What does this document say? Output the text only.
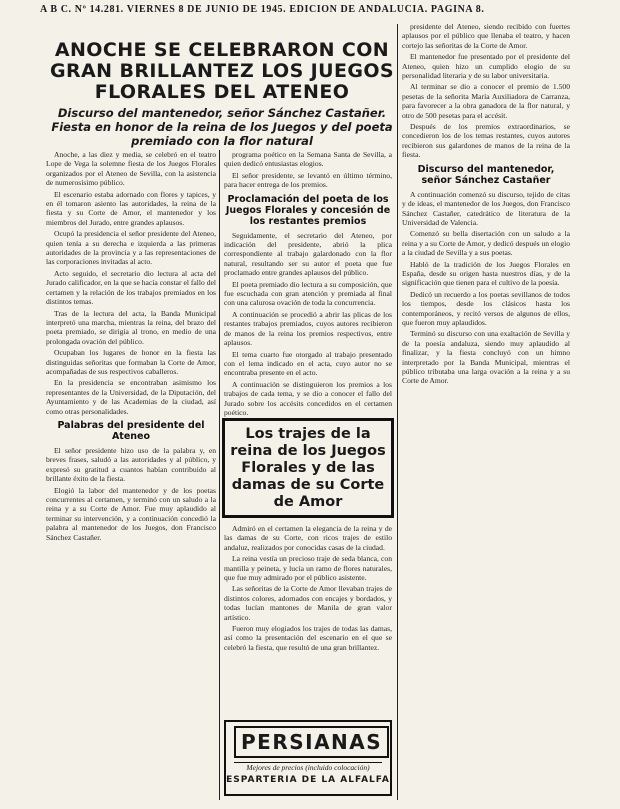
A B C. Nº 14.281. VIERNES 8 DE JUNIO DE 1945. EDICION DE ANDALUCIA. PAGINA 8.
ANOCHE SE CELEBRARON CON GRAN BRILLANTEZ LOS JUEGOS FLORALES DEL ATENEO
Discurso del mantenedor, señor Sánchez Castañer. Fiesta en honor de la reina de los Juegos y del poeta premiado con la flor natural

Anoche, a las diez y media, se celebró en el teatro Lope de Vega la solemne fiesta de los Juegos Florales organizados por el Ateneo de Sevilla, con la asistencia de numerosísimo público.

El escenario estaba adornado con flores y tapices, y en él tomaron asiento las autoridades, la reina de la fiesta y su Corte de Amor, el mantenedor y los miembros del Jurado, entre grandes aplausos.

Ocupó la presidencia el señor presidente del Ateneo, quien tenía a su derecha e izquierda a las primeras autoridades de la provincia y a las representaciones de las corporaciones invitadas al acto.

Acto seguido, el secretario dio lectura al acta del Jurado calificador, en la que se hacía constar el fallo del certamen y la relación de los trabajos premiados en los distintos temas.

Tras de la lectura del acta, la Banda Municipal interpretó una marcha, mientras la reina, del brazo del poeta premiado, se dirigía al trono, en medio de una prolongada ovación del público.

Ocupaban los lugares de honor en la fiesta las distinguidas señoritas que formaban la Corte de Amor, acompañadas de sus respectivos caballeros.

En la presidencia se encontraban asimismo los representantes de la Universidad, de la Diputación, del Ayuntamiento y de las Academias de la ciudad, así como otras personalidades.

Palabras del presidente del Ateneo

El señor presidente hizo uso de la palabra y, en breves frases, saludó a las autoridades y al público, y expresó su gratitud a cuantos habían contribuido al brillante éxito de la fiesta.

Elogió la labor del mantenedor y de los poetas concurrentes al certamen, y terminó con un saludo a la reina y a su Corte de Amor. Fue muy aplaudido al terminar su intervención, y a continuación concedió la palabra al mantenedor de los Juegos, don Francisco Sánchez Castañer.

programa poético en la Semana Santa de Sevilla, a quien dedicó entusiastas elogios.

El señor presidente, se levantó en último término, para hacer entrega de los premios.

Proclamación del poeta de los Juegos Florales y concesión de los restantes premios

Seguidamente, el secretario del Ateneo, por indicación del presidente, abrió la plica correspondiente al trabajo galardonado con la flor natural, resultando ser su autor el poeta que fue proclamado entre grandes aplausos del público.

El poeta premiado dio lectura a su composición, que fue escuchada con gran atención y premiada al final con una calurosa ovación de toda la concurrencia.

A continuación se procedió a abrir las plicas de los restantes trabajos premiados, cuyos autores recibieron de manos de la reina los premios respectivos, entre aplausos.

El tema cuarto fue otorgado al trabajo presentado con el lema indicado en el acta, cuyo autor no se encontraba presente en el acto.

A continuación se distinguieron los premios a los trabajos de cada tema, y se dio a conocer el fallo del Jurado sobre los accésits concedidos en el certamen poético.

Los trajes de la reina de los Juegos Florales y de las damas de su Corte de Amor

Admiró en el certamen la elegancia de la reina y de las damas de su Corte, con ricos trajes de estilo andaluz, realizados por conocidas casas de la ciudad.

La reina vestía un precioso traje de seda blanca, con mantilla y peineta, y lucía un ramo de flores naturales, que fue muy admirado por el público asistente.

Las señoritas de la Corte de Amor llevaban trajes de distintos colores, adornados con encajes y bordados, y todas lucían mantones de Manila de gran valor artístico.

Fueron muy elogiados los trajes de todas las damas, así como la presentación del escenario en el que se celebró la fiesta, que resultó de una gran brillantez.

PERSIANAS
Mejores de precios (incluido colocación)
ESPARTERIA DE LA ALFALFA

presidente del Ateneo, siendo recibido con fuertes aplausos por el público que llenaba el teatro, y hacen cortejo las señoritas de la Corte de Amor.

El mantenedor fue presentado por el presidente del Ateneo, quien hizo un cumplido elogio de su personalidad literaria y de su labor universitaria.

Al terminar se dio a conocer el premio de 1.500 pesetas de la señorita María Auxiliadora de Carranza, para favorecer a la obra ganadora de la flor natural, y otro de 500 pesetas para el accésit.

Después de los premios extraordinarios, se concedieron los de los temas restantes, cuyos autores recibieron sus galardones de manos de la reina de la fiesta.

Discurso del mantenedor, señor Sánchez Castañer

A continuación comenzó su discurso, tejido de citas y de ideas, el mantenedor de los Juegos, don Francisco Sánchez Castañer, catedrático de literatura de la Universidad de Valencia.

Comenzó su bella disertación con un saludo a la reina y a su Corte de Amor, y dedicó después un elogio a la ciudad de Sevilla y a sus poetas.

Habló de la tradición de los Juegos Florales en España, desde su origen hasta nuestros días, y de la significación que tienen para el cultivo de la poesía.

Dedicó un recuerdo a los poetas sevillanos de todos los tiempos, desde los clásicos hasta los contemporáneos, y recitó versos de algunos de ellos, que fueron muy aplaudidos.

Terminó su discurso con una exaltación de Sevilla y de la poesía andaluza, siendo muy aplaudido al finalizar, y la fiesta concluyó con un himno interpretado por la Banda Municipal, mientras el público tributaba una larga ovación a la reina y a su Corte de Amor.
